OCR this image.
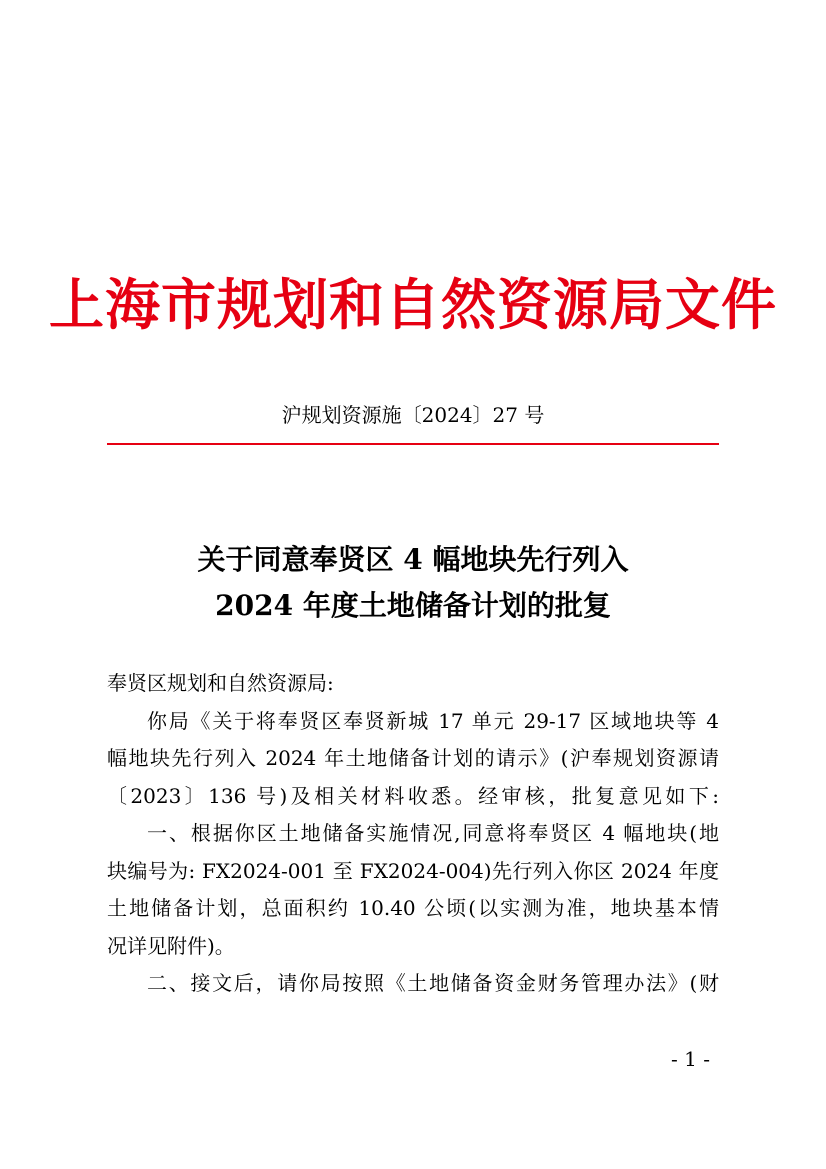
上海市规划和自然资源局文件
沪规划资源施〔2024〕27 号
关于同意奉贤区 4 幅地块先行列入
2024 年度土地储备计划的批复
奉贤区规划和自然资源局:
你局《关于将奉贤区奉贤新城 17 单元 29-17 区域地块等 4
幅地块先行列入 2024 年土地储备计划的请示》(沪奉规划资源请
〔2023〕136 号)及相关材料收悉。经审核，批复意见如下:
一、根据你区土地储备实施情况,同意将奉贤区 4 幅地块(地
块编号为: FX2024-001 至 FX2024-004)先行列入你区 2024 年度
土地储备计划，总面积约 10.40 公顷(以实测为准，地块基本情
况详见附件)。
二、接文后，请你局按照《土地储备资金财务管理办法》(财
- 1 -
